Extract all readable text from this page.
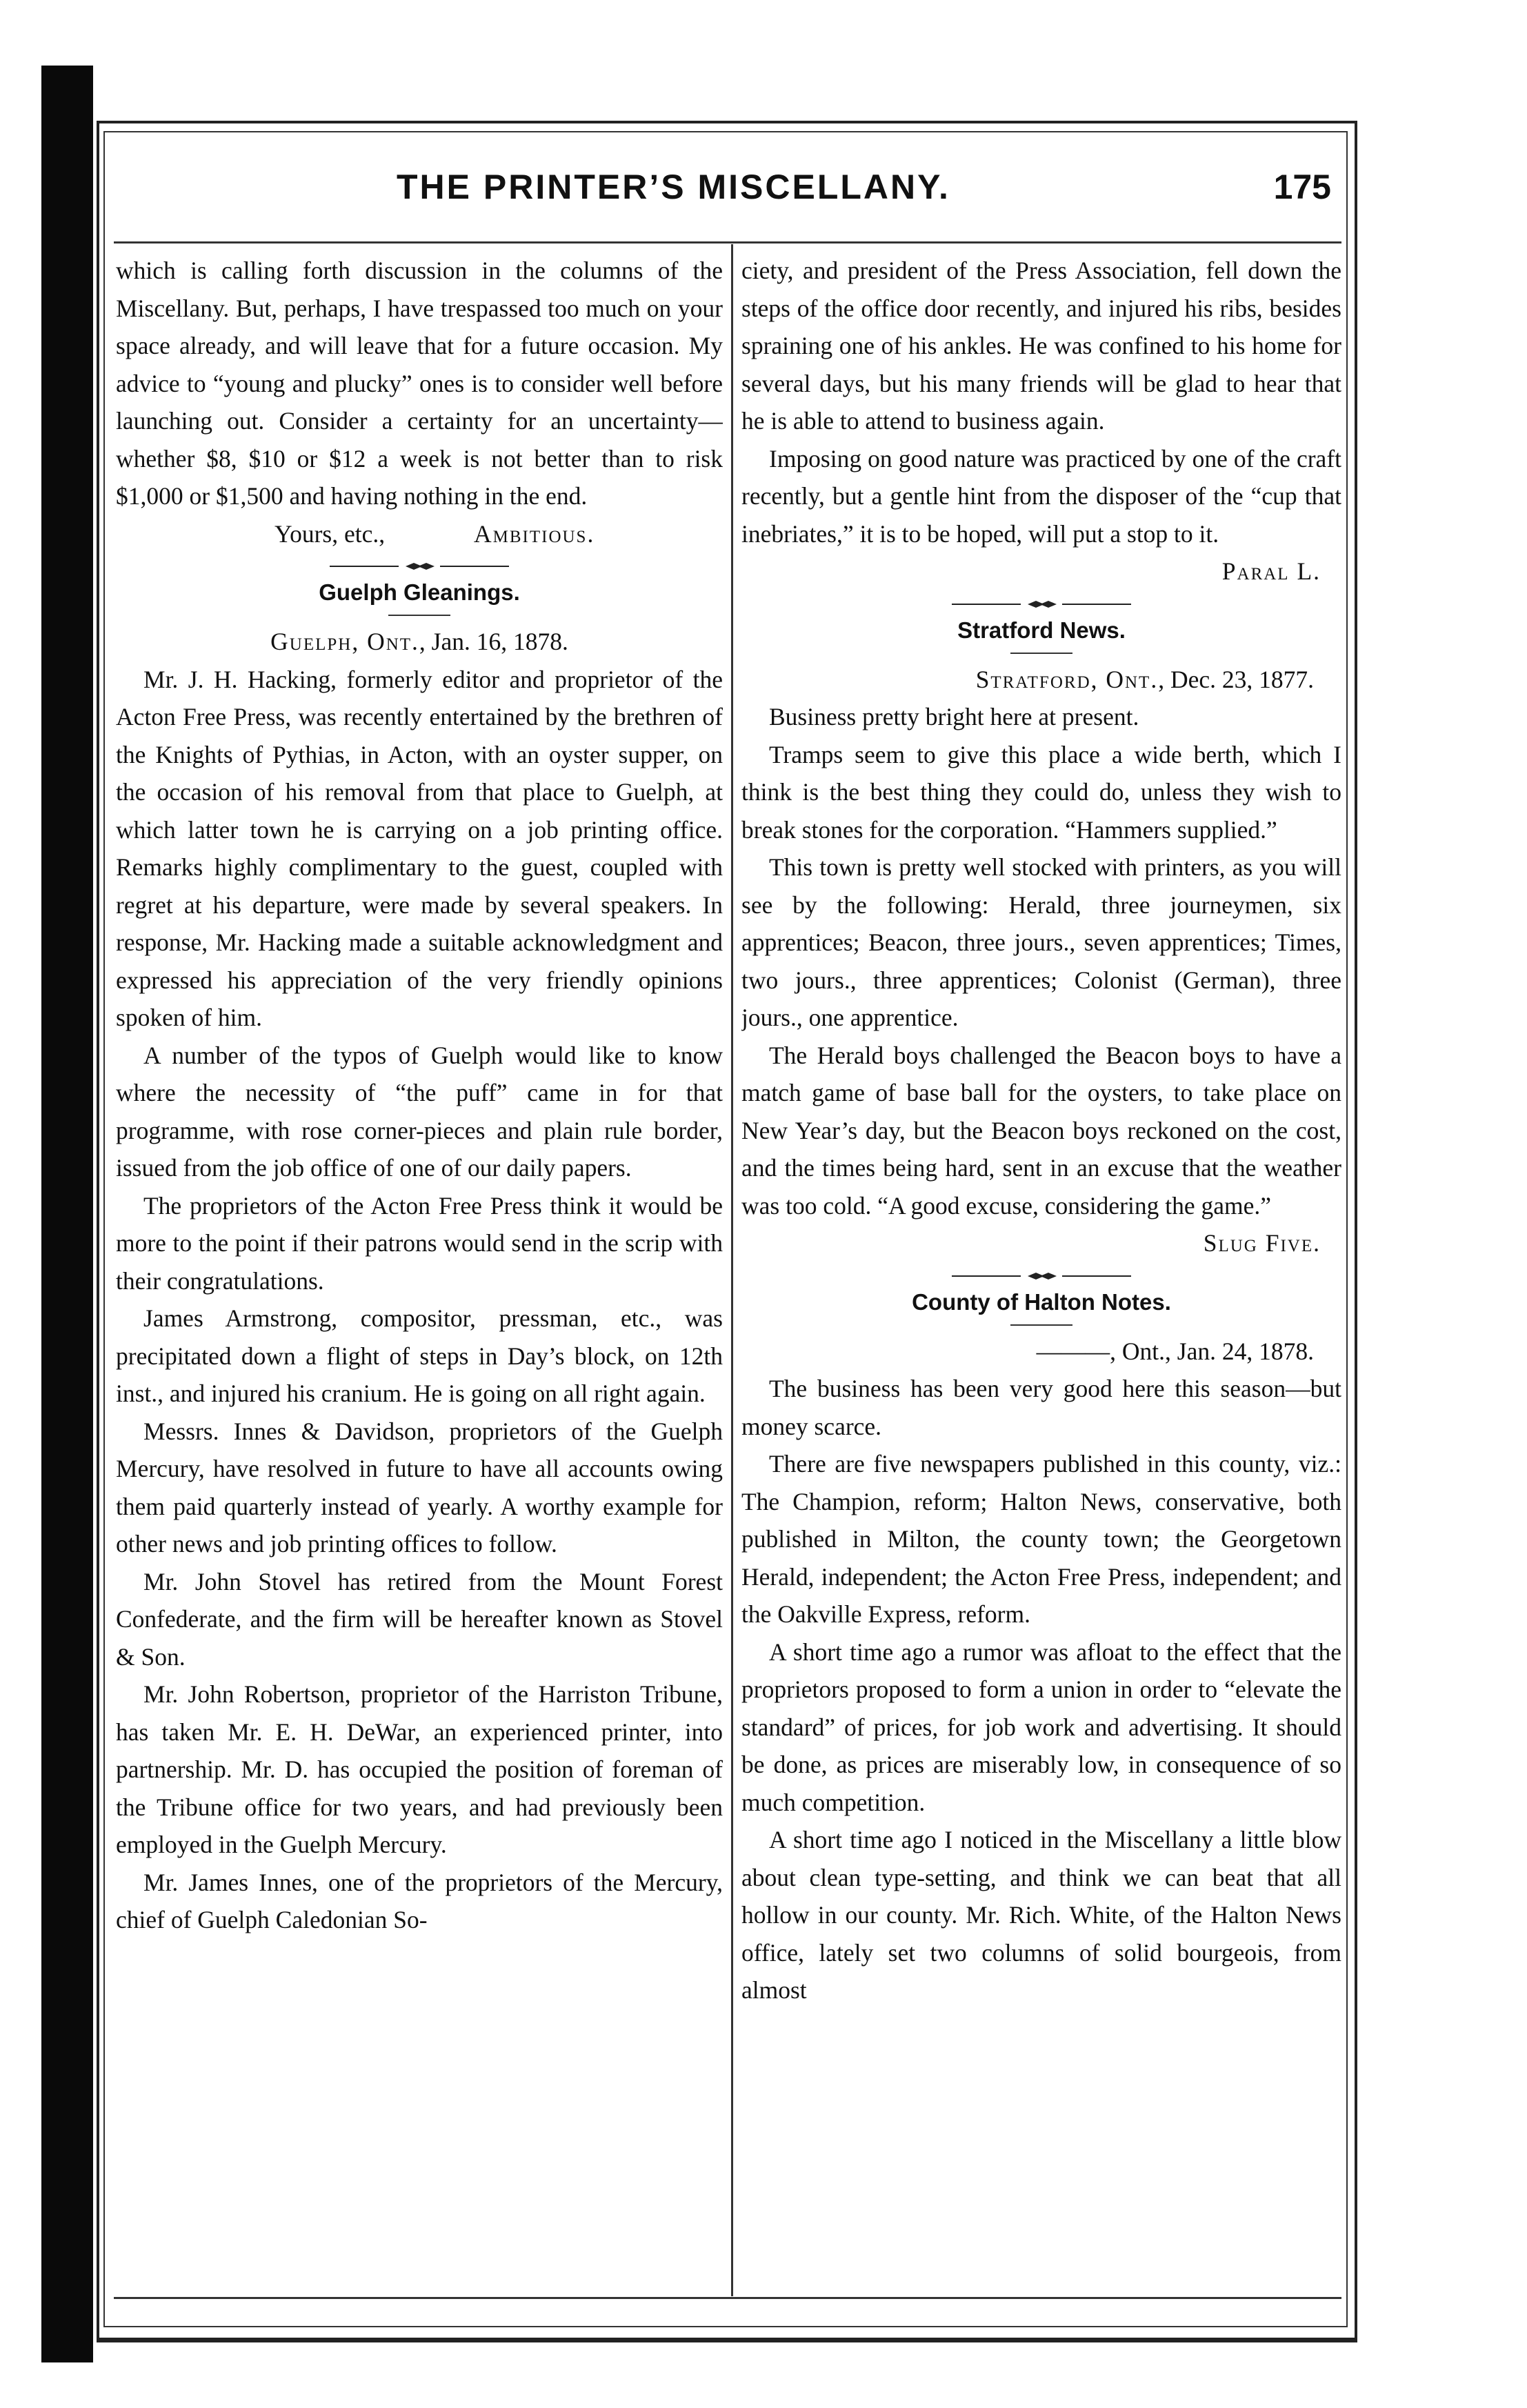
THE PRINTER’S MISCELLANY.	175

which is calling forth discussion in the columns of the Miscellany. But, perhaps, I have trespassed too much on your space already, and will leave that for a future occasion. My advice to “young and plucky” ones is to consider well before launching out. Consider a certainty for an uncertainty—whether $8, $10 or $12 a week is not better than to risk $1,000 or $1,500 and having nothing in the end.

Yours, etc.,	Ambitious.

Guelph Gleanings.

Guelph, Ont., Jan. 16, 1878.

Mr. J. H. Hacking, formerly editor and proprietor of the Acton Free Press, was recently entertained by the brethren of the Knights of Pythias, in Acton, with an oyster supper, on the occasion of his removal from that place to Guelph, at which latter town he is carrying on a job printing office. Remarks highly complimentary to the guest, coupled with regret at his departure, were made by several speakers. In response, Mr. Hacking made a suitable acknowledgment and expressed his appreciation of the very friendly opinions spoken of him.

A number of the typos of Guelph would like to know where the necessity of “the puff” came in for that programme, with rose corner-pieces and plain rule border, issued from the job office of one of our daily papers.

The proprietors of the Acton Free Press think it would be more to the point if their patrons would send in the scrip with their congratulations.

James Armstrong, compositor, pressman, etc., was precipitated down a flight of steps in Day’s block, on 12th inst., and injured his cranium. He is going on all right again.

Messrs. Innes & Davidson, proprietors of the Guelph Mercury, have resolved in future to have all accounts owing them paid quarterly instead of yearly. A worthy example for other news and job printing offices to follow.

Mr. John Stovel has retired from the Mount Forest Confederate, and the firm will be hereafter known as Stovel & Son.

Mr. John Robertson, proprietor of the Harriston Tribune, has taken Mr. E. H. DeWar, an experienced printer, into partnership. Mr. D. has occupied the position of foreman of the Tribune office for two years, and had previously been employed in the Guelph Mercury.

Mr. James Innes, one of the proprietors of the Mercury, chief of Guelph Caledonian So-

ciety, and president of the Press Association, fell down the steps of the office door recently, and injured his ribs, besides spraining one of his ankles. He was confined to his home for several days, but his many friends will be glad to hear that he is able to attend to business again.

Imposing on good nature was practiced by one of the craft recently, but a gentle hint from the disposer of the “cup that inebriates,” it is to be hoped, will put a stop to it.

Paral L.

Stratford News.

Stratford, Ont., Dec. 23, 1877.

Business pretty bright here at present.

Tramps seem to give this place a wide berth, which I think is the best thing they could do, unless they wish to break stones for the corporation. “Hammers supplied.”

This town is pretty well stocked with printers, as you will see by the following: Herald, three journeymen, six apprentices; Beacon, three jours., seven apprentices; Times, two jours., three apprentices; Colonist (German), three jours., one apprentice.

The Herald boys challenged the Beacon boys to have a match game of base ball for the oysters, to take place on New Year’s day, but the Beacon boys reckoned on the cost, and the times being hard, sent in an excuse that the weather was too cold. “A good excuse, considering the game.”

Slug Five.

County of Halton Notes.

———, Ont., Jan. 24, 1878.

The business has been very good here this season—but money scarce.

There are five newspapers published in this county, viz.: The Champion, reform; Halton News, conservative, both published in Milton, the county town; the Georgetown Herald, independent; the Acton Free Press, independent; and the Oakville Express, reform.

A short time ago a rumor was afloat to the effect that the proprietors proposed to form a union in order to “elevate the standard” of prices, for job work and advertising. It should be done, as prices are miserably low, in consequence of so much competition.

A short time ago I noticed in the Miscellany a little blow about clean type-setting, and think we can beat that all hollow in our county. Mr. Rich. White, of the Halton News office, lately set two columns of solid bourgeois, from almost
